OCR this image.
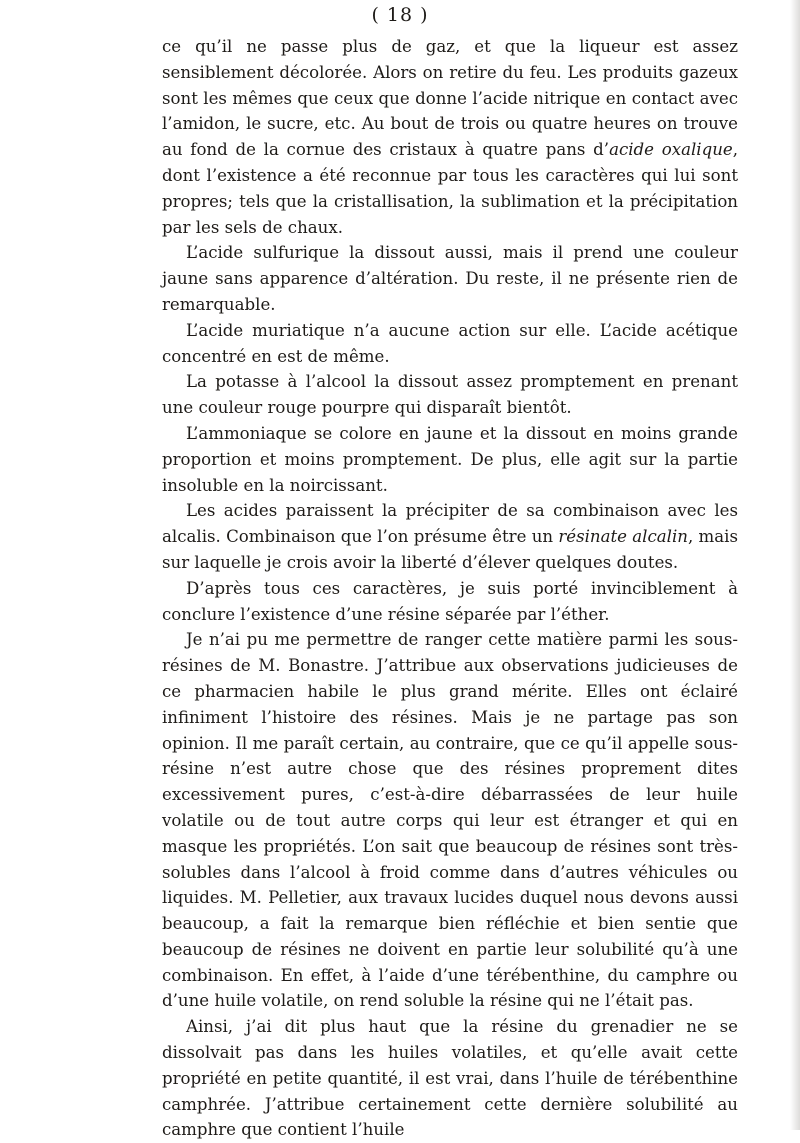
( 18 )

ce qu’il ne passe plus de gaz, et que la liqueur est assez sensiblement décolorée. Alors on retire du feu. Les produits gazeux sont les mêmes que ceux que donne l’acide nitrique en contact avec l’amidon, le sucre, etc. Au bout de trois ou quatre heures on trouve au fond de la cornue des cristaux à quatre pans d’acide oxalique, dont l’existence a été reconnue par tous les caractères qui lui sont propres; tels que la cristallisation, la sublimation et la précipitation par les sels de chaux.

L’acide sulfurique la dissout aussi, mais il prend une couleur jaune sans apparence d’altération. Du reste, il ne présente rien de remarquable.

L’acide muriatique n’a aucune action sur elle. L’acide acétique concentré en est de même.

La potasse à l’alcool la dissout assez promptement en prenant une couleur rouge pourpre qui disparaît bientôt.

L’ammoniaque se colore en jaune et la dissout en moins grande proportion et moins promptement. De plus, elle agit sur la partie insoluble en la noircissant.

Les acides paraissent la précipiter de sa combinaison avec les alcalis. Combinaison que l’on présume être un résinate alcalin, mais sur laquelle je crois avoir la liberté d’élever quelques doutes.

D’après tous ces caractères, je suis porté invinciblement à conclure l’existence d’une résine séparée par l’éther.

Je n’ai pu me permettre de ranger cette matière parmi les sous-résines de M. Bonastre. J’attribue aux observations judicieuses de ce pharmacien habile le plus grand mérite. Elles ont éclairé infiniment l’histoire des résines. Mais je ne partage pas son opinion. Il me paraît certain, au contraire, que ce qu’il appelle sous-résine n’est autre chose que des résines proprement dites excessivement pures, c’est-à-dire débarrassées de leur huile volatile ou de tout autre corps qui leur est étranger et qui en masque les propriétés. L’on sait que beaucoup de résines sont très-solubles dans l’alcool à froid comme dans d’autres véhicules ou liquides. M. Pelletier, aux travaux lucides duquel nous devons aussi beaucoup, a fait la remarque bien réfléchie et bien sentie que beaucoup de résines ne doivent en partie leur solubilité qu’à une combinaison. En effet, à l’aide d’une térébenthine, du camphre ou d’une huile volatile, on rend soluble la résine qui ne l’était pas.

Ainsi, j’ai dit plus haut que la résine du grenadier ne se dissolvait pas dans les huiles volatiles, et qu’elle avait cette propriété en petite quantité, il est vrai, dans l’huile de térébenthine camphrée. J’attribue certainement cette dernière solubilité au camphre que contient l’huile
